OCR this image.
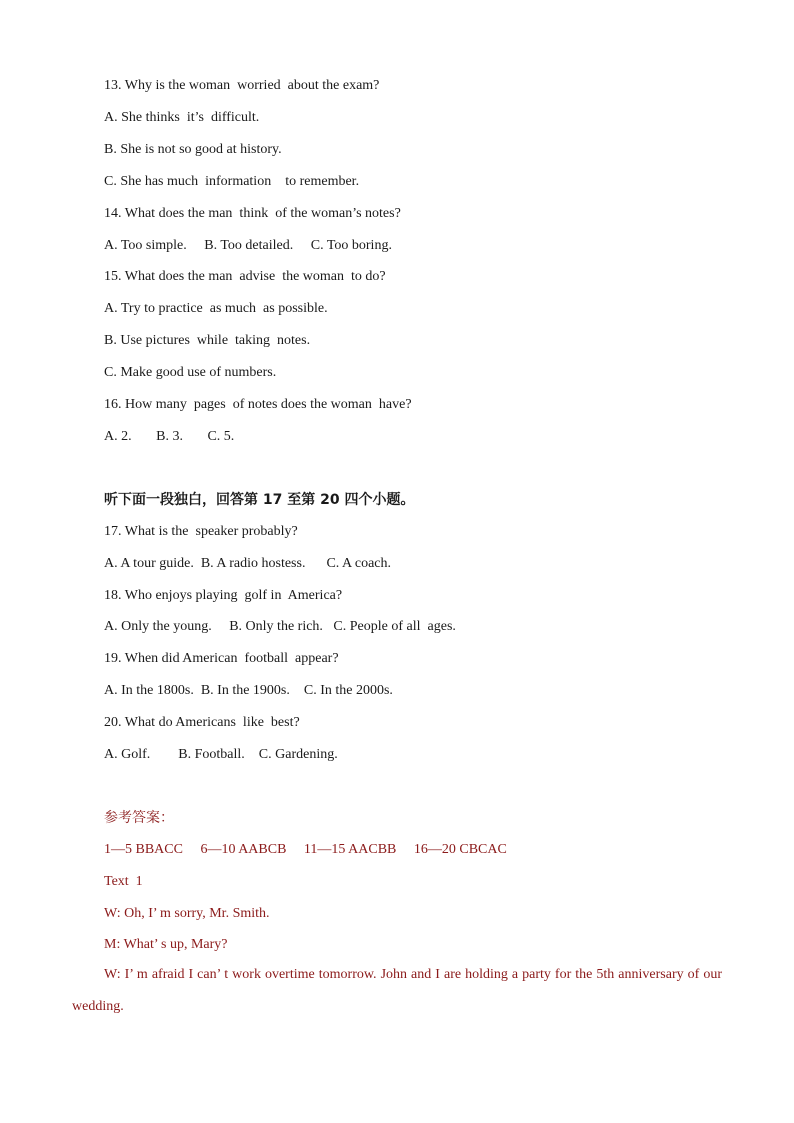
13. Why is the woman  worried  about the exam?
A. She thinks  it’s  difficult.
B. She is not so good at history.
C. She has much  information    to remember.
14. What does the man  think  of the woman’s notes?
A. Too simple.     B. Too detailed.     C. Too boring.
15. What does the man  advise  the woman  to do?
A. Try to practice  as much  as possible.
B. Use pictures  while  taking  notes.
C. Make good use of numbers.
16. How many  pages  of notes does the woman  have?
A. 2.       B. 3.       C. 5.
听下面一段独白，回答第 17 至第 20 四个小题。
17. What is the  speaker probably?
A. A tour guide.  B. A radio hostess.      C. A coach.
18. Who enjoys playing  golf in  America?
A. Only the young.     B. Only the rich.   C. People of all  ages.
19. When did American  football  appear?
A. In the 1800s.  B. In the 1900s.    C. In the 2000s.
20. What do Americans  like  best?
A. Golf.        B. Football.    C. Gardening.
参考答案：
1—5 BBACC     6—10 AABCB     11—15 AACBB     16—20 CBCAC
Text  1
W: Oh, I’ m sorry, Mr. Smith.
M: What’ s up, Mary?
W: I’ m afraid I can’ t work overtime tomorrow. John and I are holding a party for the 5th anniversary of our wedding.
